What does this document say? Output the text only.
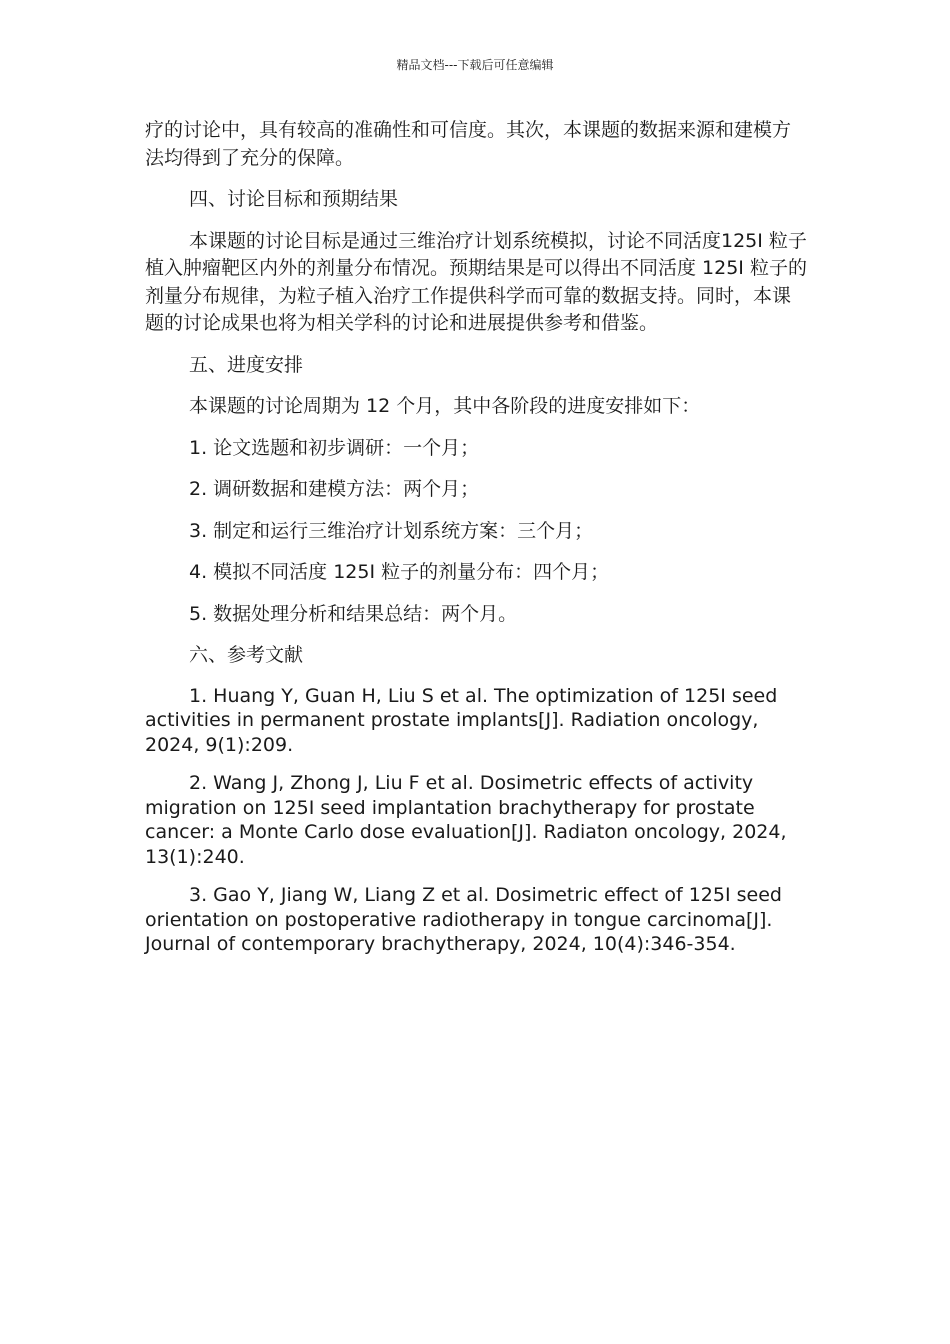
精品文档---下载后可任意编辑

疗的讨论中，具有较高的准确性和可信度。其次，本课题的数据来源和建模方法均得到了充分的保障。

四、讨论目标和预期结果

本课题的讨论目标是通过三维治疗计划系统模拟，讨论不同活度125I 粒子植入肿瘤靶区内外的剂量分布情况。预期结果是可以得出不同活度 125I 粒子的剂量分布规律，为粒子植入治疗工作提供科学而可靠的数据支持。同时，本课题的讨论成果也将为相关学科的讨论和进展提供参考和借鉴。

五、进度安排

本课题的讨论周期为 12 个月，其中各阶段的进度安排如下：

1. 论文选题和初步调研：一个月；

2. 调研数据和建模方法：两个月；

3. 制定和运行三维治疗计划系统方案：三个月；

4. 模拟不同活度 125I 粒子的剂量分布：四个月；

5. 数据处理分析和结果总结：两个月。

六、参考文献

1. Huang Y, Guan H, Liu S et al. The optimization of 125I seed activities in permanent prostate implants[J]. Radiation oncology, 2024, 9(1):209.

2. Wang J, Zhong J, Liu F et al. Dosimetric effects of activity migration on 125I seed implantation brachytherapy for prostate cancer: a Monte Carlo dose evaluation[J]. Radiaton oncology, 2024, 13(1):240.

3. Gao Y, Jiang W, Liang Z et al. Dosimetric effect of 125I seed orientation on postoperative radiotherapy in tongue carcinoma[J]. Journal of contemporary brachytherapy, 2024, 10(4):346-354.
